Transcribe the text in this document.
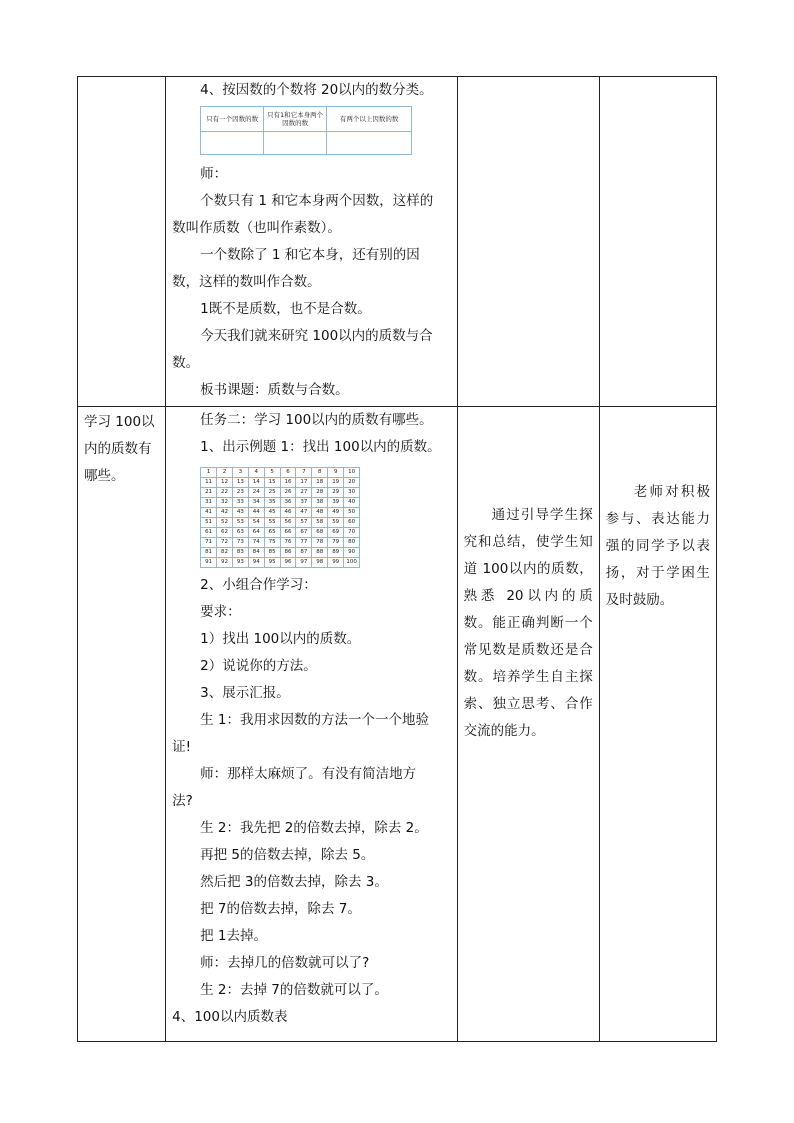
4、按因数的个数将 20以内的数分类。

只有一个因数的数	只有1和它本身两个因数的数	有两个以上因数的数

师：

个数只有 1 和它本身两个因数，这样的

数叫作质数（也叫作素数）。

一个数除了 1 和它本身，还有别的因

数，这样的数叫作合数。

1既不是质数，也不是合数。

今天我们就来研究 100以内的质数与合

数。

板书课题：质数与合数。

学习 100以内的质数有哪些。

任务二：学习 100以内的质数有哪些。

1、出示例题 1：找出 100以内的质数。

1	2	3	4	5	6	7	8	9	10
11	12	13	14	15	16	17	18	19	20
21	22	23	24	25	26	27	28	29	30
31	32	33	34	35	36	37	38	39	40
41	42	43	44	45	46	47	48	49	50
51	52	53	54	55	56	57	58	59	60
61	62	63	64	65	66	67	68	69	70
71	72	73	74	75	76	77	78	79	80
81	82	83	84	85	86	87	88	89	90
91	92	93	94	95	96	97	98	99	100

2、小组合作学习：

要求：

1）找出 100以内的质数。

2）说说你的方法。

3、展示汇报。

生 1：我用求因数的方法一个一个地验

证!

师：那样太麻烦了。有没有简洁地方

法?

生 2：我先把 2的倍数去掉，除去 2。

再把 5的倍数去掉，除去 5。

然后把 3的倍数去掉，除去 3。

把 7的倍数去掉，除去 7。

把 1去掉。

师：去掉几的倍数就可以了?

生 2：去掉 7的倍数就可以了。

4、100以内质数表

通过引导学生探究和总结，使学生知道 100以内的质数，熟悉 20以内的质数。能正确判断一个常见数是质数还是合数。培养学生自主探索、独立思考、合作交流的能力。

老师对积极参与、表达能力强的同学予以表扬，对于学困生及时鼓励。
